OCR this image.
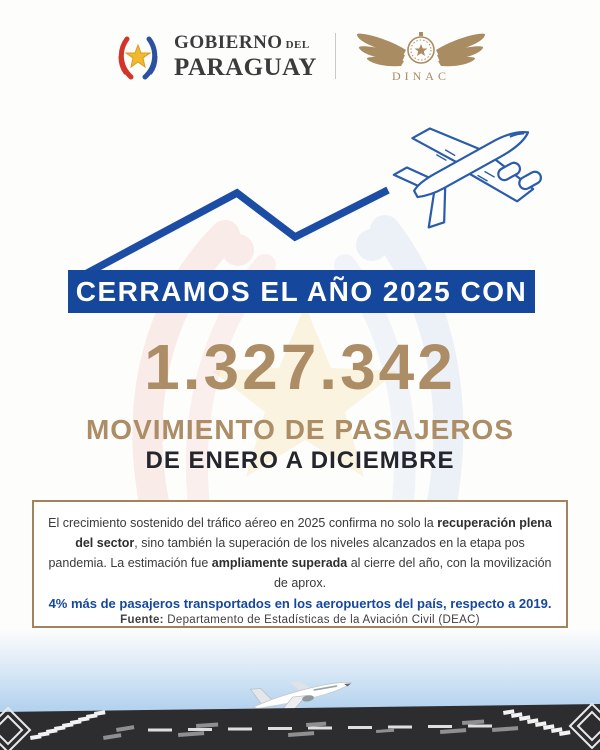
GOBIERNO DEL
PARAGUAY	DINAC
CERRAMOS EL AÑO 2025 CON
1.327.342
MOVIMIENTO DE PASAJEROS
DE ENERO A DICIEMBRE

El crecimiento sostenido del tráfico aéreo en 2025 confirma no solo la recuperación plena del sector, sino también la superación de los niveles alcanzados en la etapa pos pandemia. La estimación fue ampliamente superada al cierre del año, con la movilización de aprox.
4% más de pasajeros transportados en los aeropuertos del país, respecto a 2019.

Fuente: Departamento de Estadísticas de la Aviación Civil (DEAC)
